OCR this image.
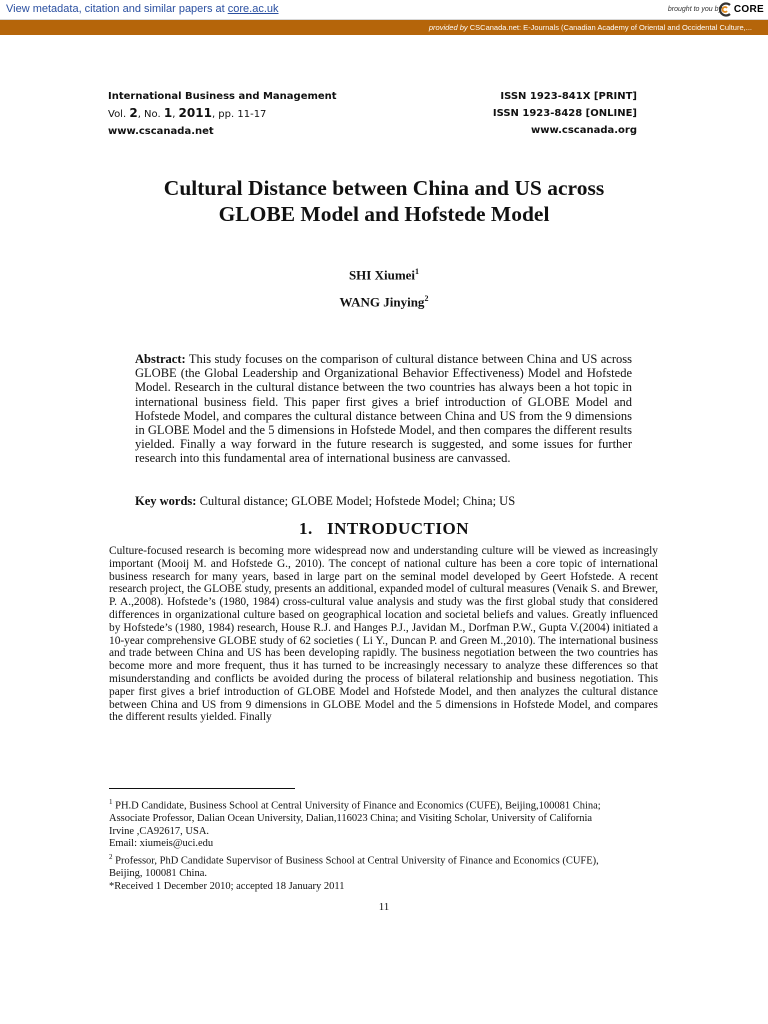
View metadata, citation and similar papers at core.ac.uk	brought to you by CORE
provided by CSCanada.net: E-Journals (Canadian Academy of Oriental and Occidental Culture,...
International Business and Management
Vol. 2, No. 1, 2011, pp. 11-17
www.cscanada.net
ISSN 1923-841X [PRINT]
ISSN 1923-8428 [ONLINE]
www.cscanada.org
Cultural Distance between China and US across
GLOBE Model and Hofstede Model
SHI Xiumei$^1$
WANG Jinying$^2$
Abstract: This study focuses on the comparison of cultural distance between China and US across GLOBE (the Global Leadership and Organizational Behavior Effectiveness) Model and Hofstede Model. Research in the cultural distance between the two countries has always been a hot topic in international business field. This paper first gives a brief introduction of GLOBE Model and Hofstede Model, and compares the cultural distance between China and US from the 9 dimensions in GLOBE Model and the 5 dimensions in Hofstede Model, and then compares the different results yielded. Finally a way forward in the future research is suggested, and some issues for further research into this fundamental area of international business are canvassed.
Key words: Cultural distance; GLOBE Model; Hofstede Model; China; US
1.   INTRODUCTION
Culture-focused research is becoming more widespread now and understanding culture will be viewed as increasingly important (Mooij M. and Hofstede G., 2010). The concept of national culture has been a core topic of international business research for many years, based in large part on the seminal model developed by Geert Hofstede. A recent research project, the GLOBE study, presents an additional, expanded model of cultural measures (Venaik S. and Brewer, P. A.,2008). Hofstede’s (1980, 1984) cross-cultural value analysis and study was the first global study that considered differences in organizational culture based on geographical location and societal beliefs and values. Greatly influenced by Hofstede’s (1980, 1984) research, House R.J. and Hanges P.J., Javidan M., Dorfman P.W., Gupta V.(2004) initiated a 10-year comprehensive GLOBE study of 62 societies ( Li Y., Duncan P. and Green M.,2010). The international business and trade between China and US has been developing rapidly. The business negotiation between the two countries has become more and more frequent, thus it has turned to be increasingly necessary to analyze these differences so that misunderstanding and conflicts be avoided during the process of bilateral relationship and business negotiation. This paper first gives a brief introduction of GLOBE Model and Hofstede Model, and then analyzes the cultural distance between China and US from 9 dimensions in GLOBE Model and the 5 dimensions in Hofstede Model, and compares the different results yielded. Finally

$^1$ PH.D Candidate, Business School at Central University of Finance and Economics (CUFE), Beijing,100081 China;

Associate Professor, Dalian Ocean University, Dalian,116023 China; and Visiting Scholar, University of California

Irvine ,CA92617, USA.

Email: xiumeis@uci.edu

$^2$ Professor, PhD Candidate Supervisor of Business School at Central University of Finance and Economics (CUFE),

Beijing, 100081 China.

*Received 1 December 2010; accepted 18 January 2011

11
